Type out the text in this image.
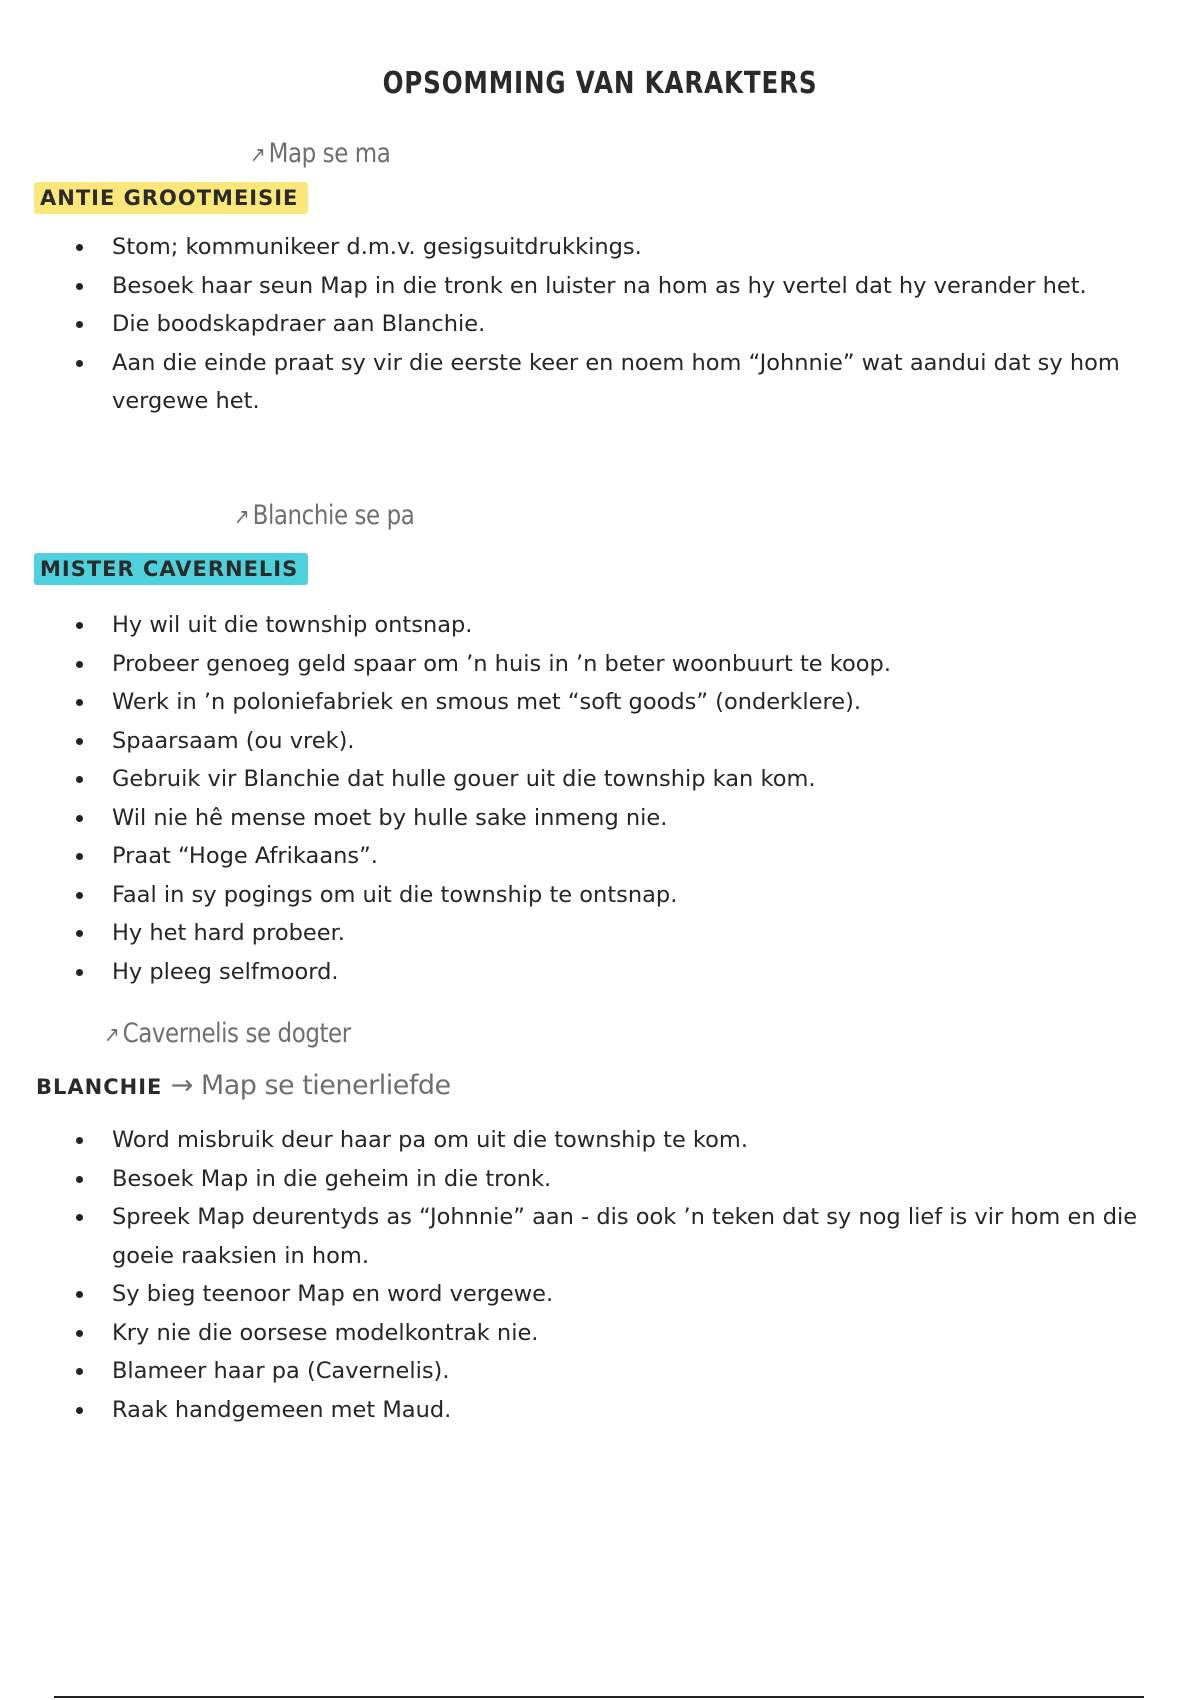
OPSOMMING VAN KARAKTERS
↗ Map se ma
ANTIE GROOTMEISIE
Stom; kommunikeer d.m.v. gesigsuitdrukkings.
Besoek haar seun Map in die tronk en luister na hom as hy vertel dat hy verander het.
Die boodskapdraer aan Blanchie.
Aan die einde praat sy vir die eerste keer en noem hom “Johnnie” wat aandui dat sy hom vergewe het.
↗ Blanchie se pa
MISTER CAVERNELIS
Hy wil uit die township ontsnap.
Probeer genoeg geld spaar om ’n huis in ’n beter woonbuurt te koop.
Werk in ’n poloniefabriek en smous met “soft goods” (onderklere).
Spaarsaam (ou vrek).
Gebruik vir Blanchie dat hulle gouer uit die township kan kom.
Wil nie hê mense moet by hulle sake inmeng nie.
Praat “Hoge Afrikaans”.
Faal in sy pogings om uit die township te ontsnap.
Hy het hard probeer.
Hy pleeg selfmoord.
↗ Cavernelis se dogter
BLANCHIE → Map se tienerliefde
Word misbruik deur haar pa om uit die township te kom.
Besoek Map in die geheim in die tronk.
Spreek Map deurentyds as “Johnnie” aan - dis ook ’n teken dat sy nog lief is vir hom en die goeie raaksien in hom.
Sy bieg teenoor Map en word vergewe.
Kry nie die oorsese modelkontrak nie.
Blameer haar pa (Cavernelis).
Raak handgemeen met Maud.
